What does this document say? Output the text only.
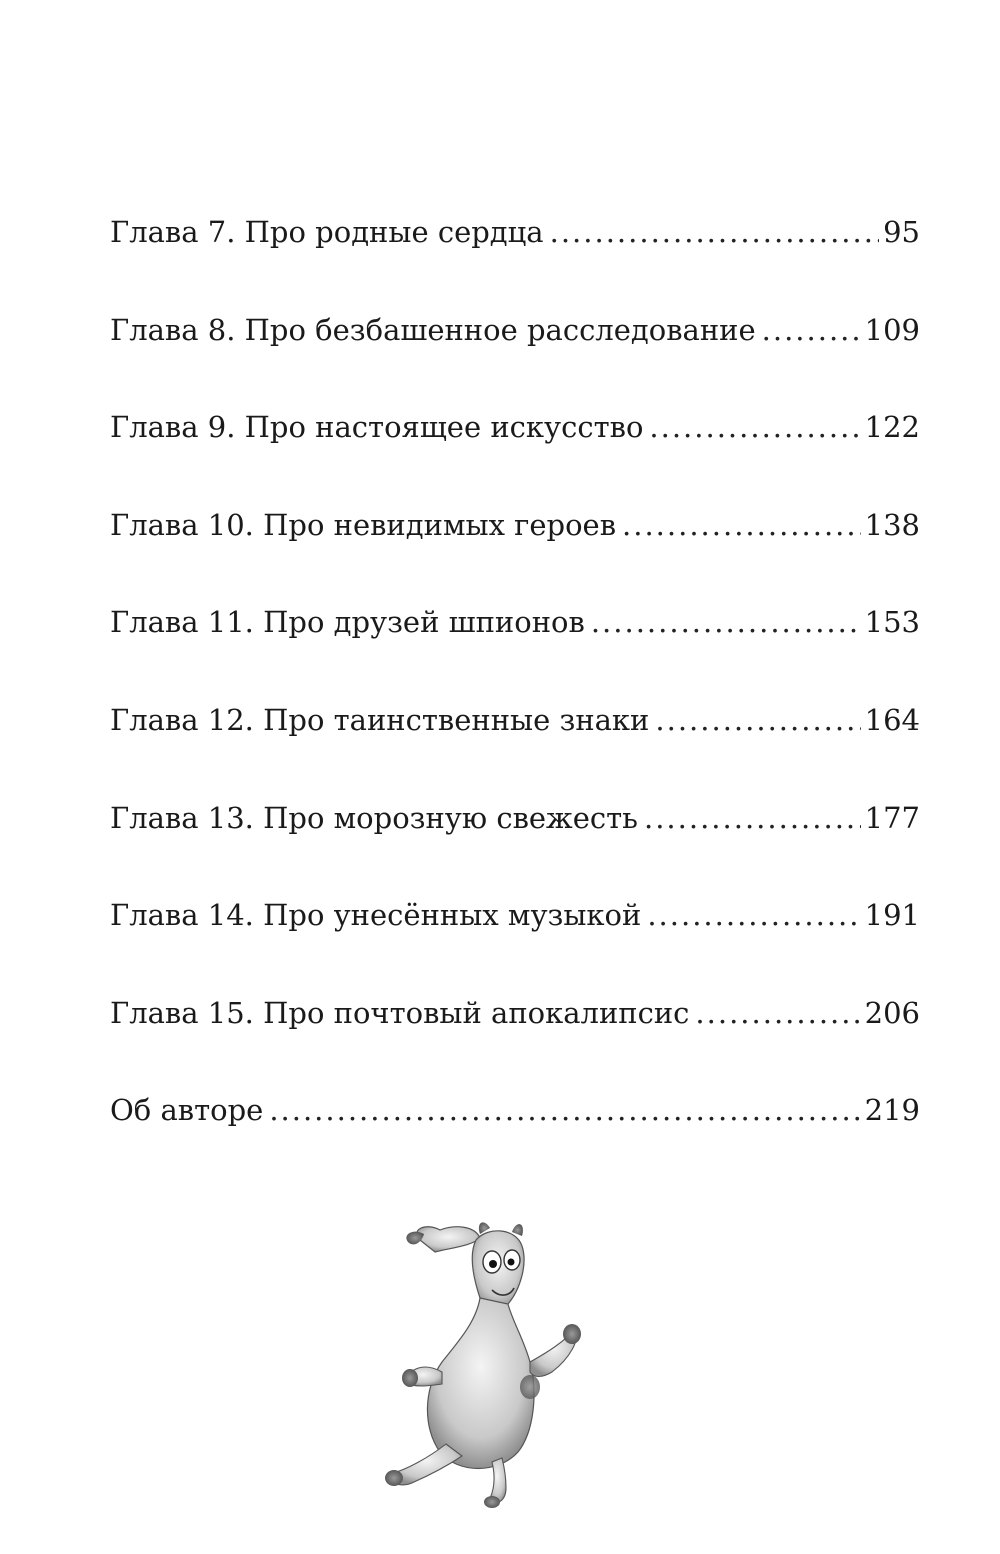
Глава 7. Про родные сердца .....	95
Глава 8. Про безбашенное расследование .....	109
Глава 9. Про настоящее искусство .....	122
Глава 10. Про невидимых героев .....	138
Глава 11. Про друзей шпионов .....	153
Глава 12. Про таинственные знаки .....	164
Глава 13. Про морозную свежесть .....	177
Глава 14. Про унесённых музыкой .....	191
Глава 15. Про почтовый апокалипсис .....	206
Об авторе .....	219
